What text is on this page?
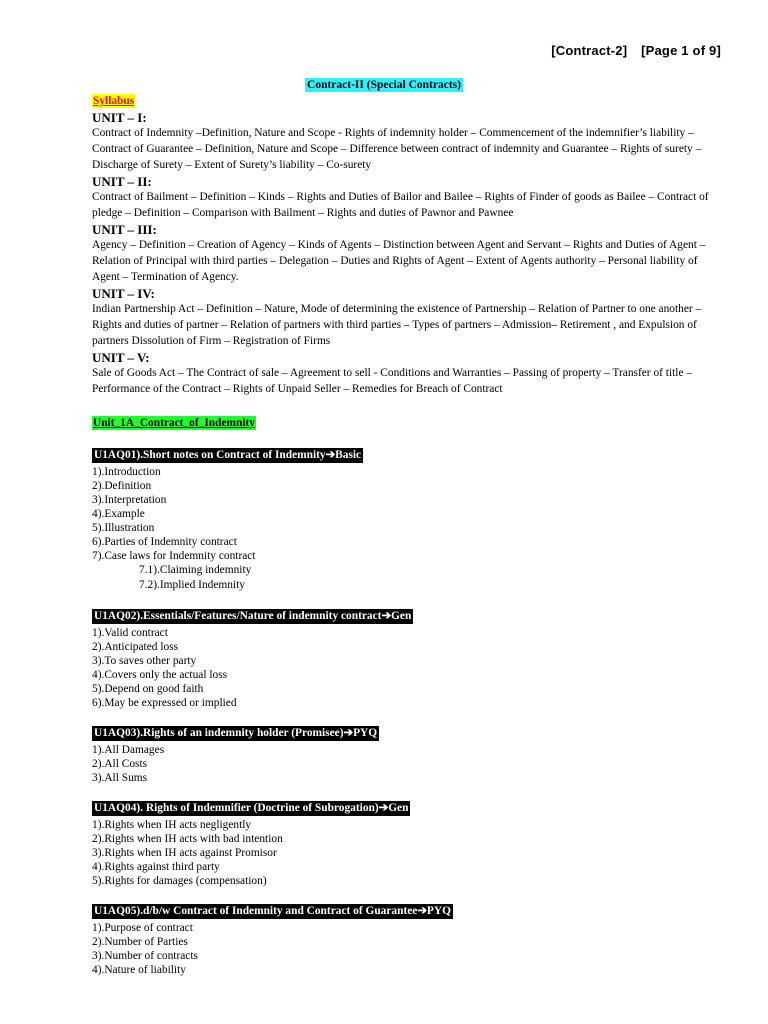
[Contract-2] [Page 1 of 9]
Contract-II (Special Contracts)
Syllabus
UNIT – I:

Contract of Indemnity –Definition, Nature and Scope - Rights of indemnity holder – Commencement of the indemnifier’s liability – Contract of Guarantee – Definition, Nature and Scope – Difference between contract of indemnity and Guarantee – Rights of surety – Discharge of Surety – Extent of Surety’s liability – Co-surety

UNIT – II:

Contract of Bailment – Definition – Kinds – Rights and Duties of Bailor and Bailee – Rights of Finder of goods as Bailee – Contract of pledge – Definition – Comparison with Bailment – Rights and duties of Pawnor and Pawnee

UNIT – III:

Agency – Definition – Creation of Agency – Kinds of Agents – Distinction between Agent and Servant – Rights and Duties of Agent – Relation of Principal with third parties – Delegation – Duties and Rights of Agent – Extent of Agents authority – Personal liability of Agent – Termination of Agency.

UNIT – IV:

Indian Partnership Act – Definition – Nature, Mode of determining the existence of Partnership – Relation of Partner to one another – Rights and duties of partner – Relation of partners with third parties – Types of partners – Admission– Retirement , and Expulsion of partners Dissolution of Firm – Registration of Firms

UNIT – V:

Sale of Goods Act – The Contract of sale – Agreement to sell - Conditions and Warranties – Passing of property – Transfer of title – Performance of the Contract – Rights of Unpaid Seller – Remedies for Breach of Contract

Unit_1A_Contract_of_Indemnity
U1AQ01).Short notes on Contract of Indemnity➔Basic
1).Introduction
2).Definition
3).Interpretation
4).Example
5).Illustration
6).Parties of Indemnity contract
7).Case laws for Indemnity contract
7.1).Claiming indemnity
7.2).Implied Indemnity
U1AQ02).Essentials/Features/Nature of indemnity contract➔Gen
1).Valid contract
2).Anticipated loss
3).To saves other party
4).Covers only the actual loss
5).Depend on good faith
6).May be expressed or implied
U1AQ03).Rights of an indemnity holder (Promisee)➔PYQ
1).All Damages
2).All Costs
3).All Sums
U1AQ04). Rights of Indemnifier (Doctrine of Subrogation)➔Gen
1).Rights when IH acts negligently
2).Rights when IH acts with bad intention
3).Rights when IH acts against Promisor
4).Rights against third party
5).Rights for damages (compensation)
U1AQ05).d/b/w Contract of Indemnity and Contract of Guarantee➔PYQ
1).Purpose of contract
2).Number of Parties
3).Number of contracts
4).Nature of liability
